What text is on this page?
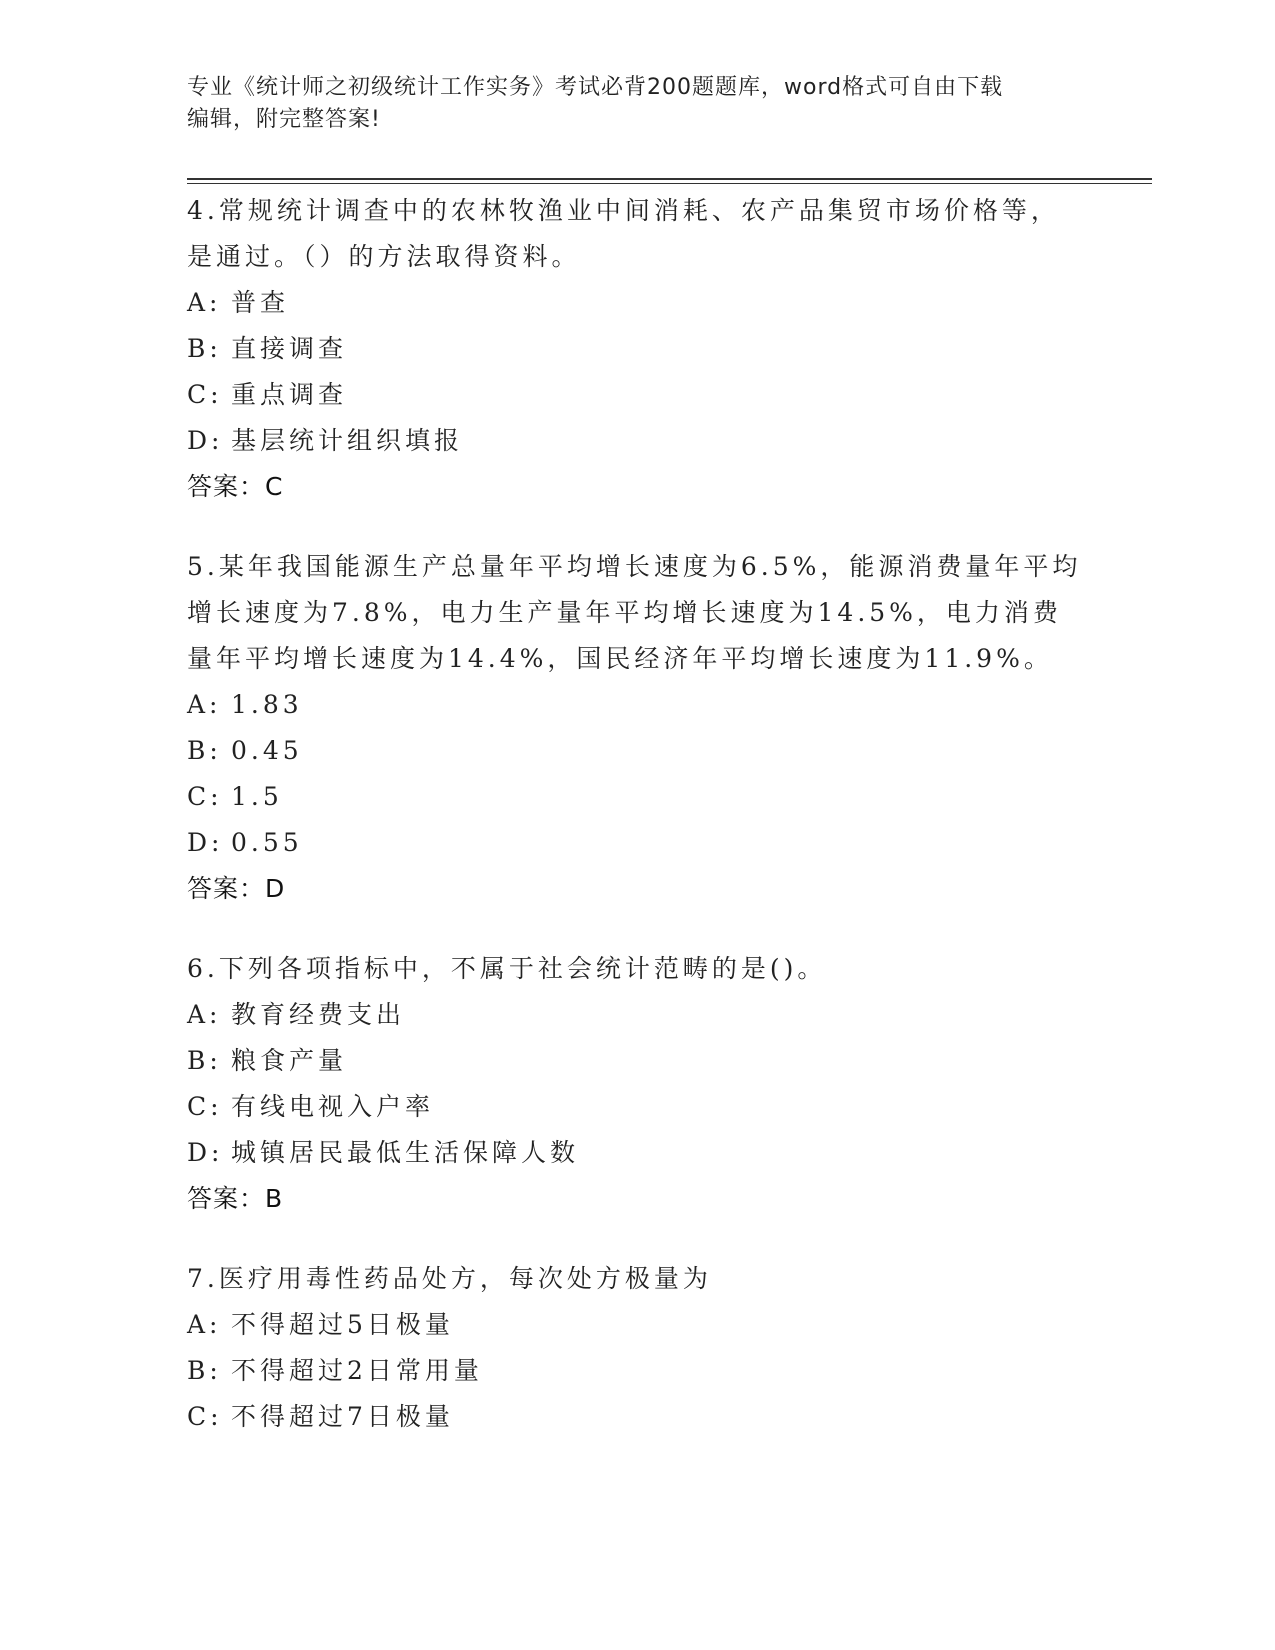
专业《统计师之初级统计工作实务》考试必背200题题库，word格式可自由下载
编辑，附完整答案!

4.常规统计调查中的农林牧渔业中间消耗、农产品集贸市场价格等，是通过。（）的方法取得资料。

A: 普查

B: 直接调查

C: 重点调查

D: 基层统计组织填报

答案：C

5.某年我国能源生产总量年平均增长速度为6.5%，能源消费量年平均增长速度为7.8%，电力生产量年平均增长速度为14.5%，电力消费量年平均增长速度为14.4%，国民经济年平均增长速度为11.9%。

A: 1.83

B: 0.45

C: 1.5

D: 0.55

答案：D

6.下列各项指标中，不属于社会统计范畴的是()。

A: 教育经费支出

B: 粮食产量

C: 有线电视入户率

D: 城镇居民最低生活保障人数

答案：B

7.医疗用毒性药品处方，每次处方极量为

A: 不得超过5日极量

B: 不得超过2日常用量

C: 不得超过7日极量
